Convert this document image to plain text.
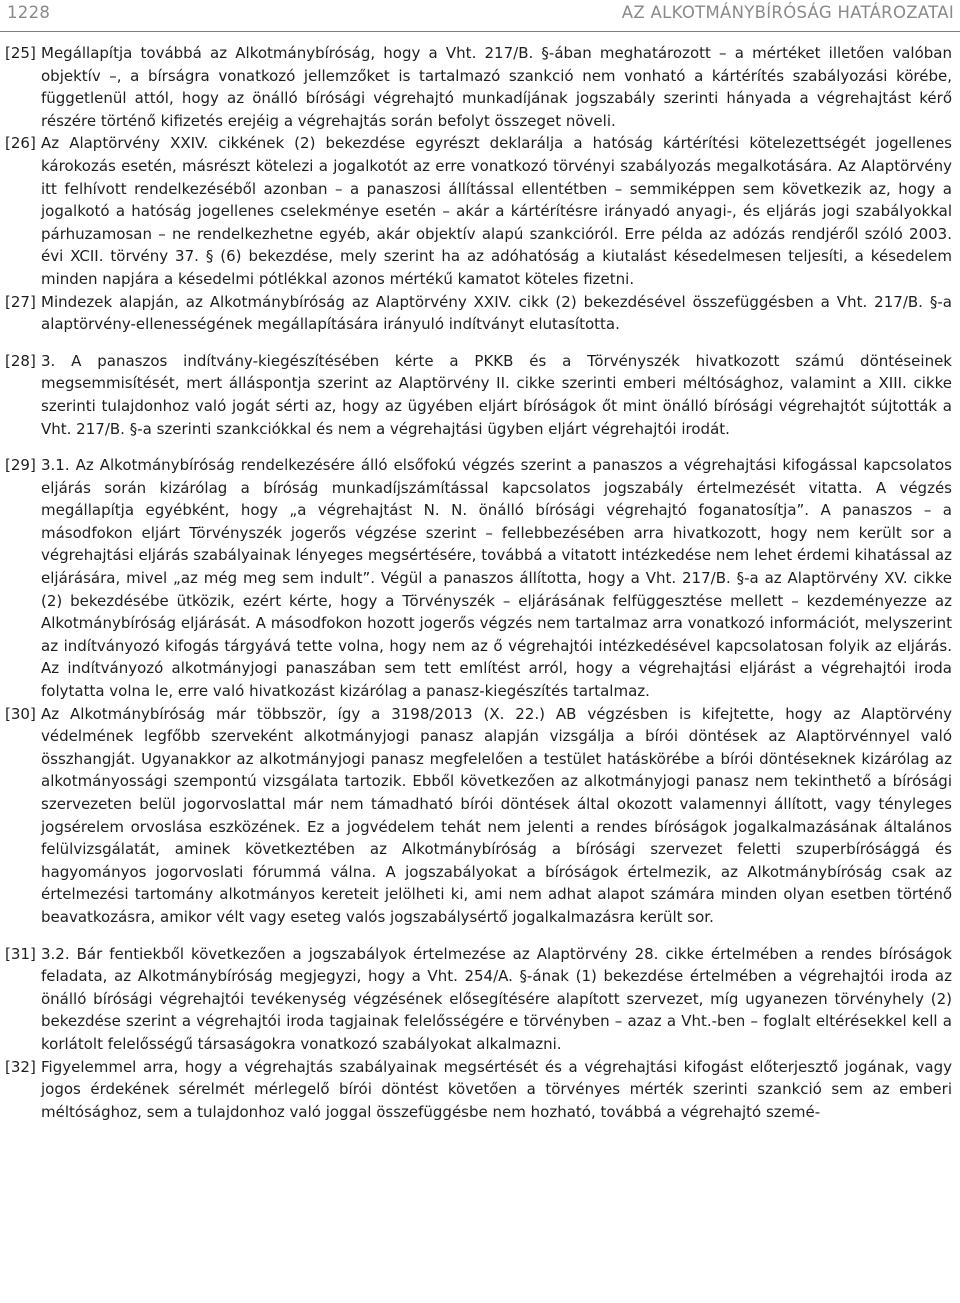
1228	AZ ALKOTMÁNYBÍRÓSÁG HATÁROZATAI
[25] Megállapítja továbbá az Alkotmánybíróság, hogy a Vht. 217/B. §-ában meghatározott – a mértéket illetően valóban objektív –, a bírságra vonatkozó jellemzőket is tartalmazó szankció nem vonható a kártérítés szabályozási körébe, függetlenül attól, hogy az önálló bírósági végrehajtó munkadíjának jogszabály szerinti hányada a végrehajtást kérő részére történő kifizetés erejéig a végrehajtás során befolyt összeget növeli.
[26] Az Alaptörvény XXIV. cikkének (2) bekezdése egyrészt deklarálja a hatóság kártérítési kötelezettségét jogellenes károkozás esetén, másrészt kötelezi a jogalkotót az erre vonatkozó törvényi szabályozás megalkotására. Az Alaptörvény itt felhívott rendelkezéséből azonban – a panaszosi állítással ellentétben – semmiképpen sem következik az, hogy a jogalkotó a hatóság jogellenes cselekménye esetén – akár a kártérítésre irányadó anyagi-, és eljárás jogi szabályokkal párhuzamosan – ne rendelkezhetne egyéb, akár objektív alapú szankcióról. Erre példa az adózás rendjéről szóló 2003. évi XCII. törvény 37. § (6) bekezdése, mely szerint ha az adóhatóság a kiutalást késedelmesen teljesíti, a késedelem minden napjára a késedelmi pótlékkal azonos mértékű kamatot köteles fizetni.
[27] Mindezek alapján, az Alkotmánybíróság az Alaptörvény XXIV. cikk (2) bekezdésével összefüggésben a Vht. 217/B. §-a alaptörvény-ellenességének megállapítására irányuló indítványt elutasította.
[28] 3. A panaszos indítvány-kiegészítésében kérte a PKKB és a Törvényszék hivatkozott számú döntéseinek megsemmisítését, mert álláspontja szerint az Alaptörvény II. cikke szerinti emberi méltósághoz, valamint a XIII. cikke szerinti tulajdonhoz való jogát sérti az, hogy az ügyében eljárt bíróságok őt mint önálló bírósági végrehajtót sújtották a Vht. 217/B. §-a szerinti szankciókkal és nem a végrehajtási ügyben eljárt végrehajtói irodát.
[29] 3.1. Az Alkotmánybíróság rendelkezésére álló elsőfokú végzés szerint a panaszos a végrehajtási kifogással kapcsolatos eljárás során kizárólag a bíróság munkadíjszámítással kapcsolatos jogszabály értelmezését vitatta. A végzés megállapítja egyébként, hogy „a végrehajtást N. N. önálló bírósági végrehajtó foganatosítja”. A panaszos – a másodfokon eljárt Törvényszék jogerős végzése szerint – fellebbezésében arra hivatkozott, hogy nem került sor a végrehajtási eljárás szabályainak lényeges megsértésére, továbbá a vitatott intézkedése nem lehet érdemi kihatással az eljárására, mivel „az még meg sem indult”. Végül a panaszos állította, hogy a Vht. 217/B. §-a az Alaptörvény XV. cikke (2) bekezdésébe ütközik, ezért kérte, hogy a Törvényszék – eljárásának felfüggesztése mellett – kezdeményezze az Alkotmánybíróság eljárását. A másodfokon hozott jogerős végzés nem tartalmaz arra vonatkozó információt, melyszerint az indítványozó kifogás tárgyává tette volna, hogy nem az ő végrehajtói intézkedésével kapcsolatosan folyik az eljárás. Az indítványozó alkotmányjogi panaszában sem tett említést arról, hogy a végrehajtási eljárást a végrehajtói iroda folytatta volna le, erre való hivatkozást kizárólag a panasz-kiegészítés tartalmaz.
[30] Az Alkotmánybíróság már többször, így a 3198/2013 (X. 22.) AB végzésben is kifejtette, hogy az Alaptörvény védelmének legfőbb szerveként alkotmányjogi panasz alapján vizsgálja a bírói döntések az Alaptörvénnyel való összhangját. Ugyanakkor az alkotmányjogi panasz megfelelően a testület hatáskörébe a bírói döntéseknek kizárólag az alkotmányossági szempontú vizsgálata tartozik. Ebből következően az alkotmányjogi panasz nem tekinthető a bírósági szervezeten belül jogorvoslattal már nem támadható bírói döntések által okozott valamennyi állított, vagy tényleges jogsérelem orvoslása eszközének. Ez a jogvédelem tehát nem jelenti a rendes bíróságok jogalkalmazásának általános felülvizsgálatát, aminek következtében az Alkotmánybíróság a bírósági szervezet feletti szuperbírósággá és hagyományos jogorvoslati fórummá válna. A jogszabályokat a bíróságok értelmezik, az Alkotmánybíróság csak az értelmezési tartomány alkotmányos kereteit jelölheti ki, ami nem adhat alapot számára minden olyan esetben történő beavatkozásra, amikor vélt vagy eseteg valós jogszabálysértő jogalkalmazásra került sor.
[31] 3.2. Bár fentiekből következően a jogszabályok értelmezése az Alaptörvény 28. cikke értelmében a rendes bíróságok feladata, az Alkotmánybíróság megjegyzi, hogy a Vht. 254/A. §-ának (1) bekezdése értelmében a végrehajtói iroda az önálló bírósági végrehajtói tevékenység végzésének elősegítésére alapított szervezet, míg ugyanezen törvényhely (2) bekezdése szerint a végrehajtói iroda tagjainak felelősségére e törvényben – azaz a Vht.-ben – foglalt eltérésekkel kell a korlátolt felelősségű társaságokra vonatkozó szabályokat alkalmazni.
[32] Figyelemmel arra, hogy a végrehajtás szabályainak megsértését és a végrehajtási kifogást előterjesztő jogának, vagy jogos érdekének sérelmét mérlegelő bírói döntést követően a törvényes mérték szerinti szankció sem az emberi méltósághoz, sem a tulajdonhoz való joggal összefüggésbe nem hozható, továbbá a végrehajtó szemé-
